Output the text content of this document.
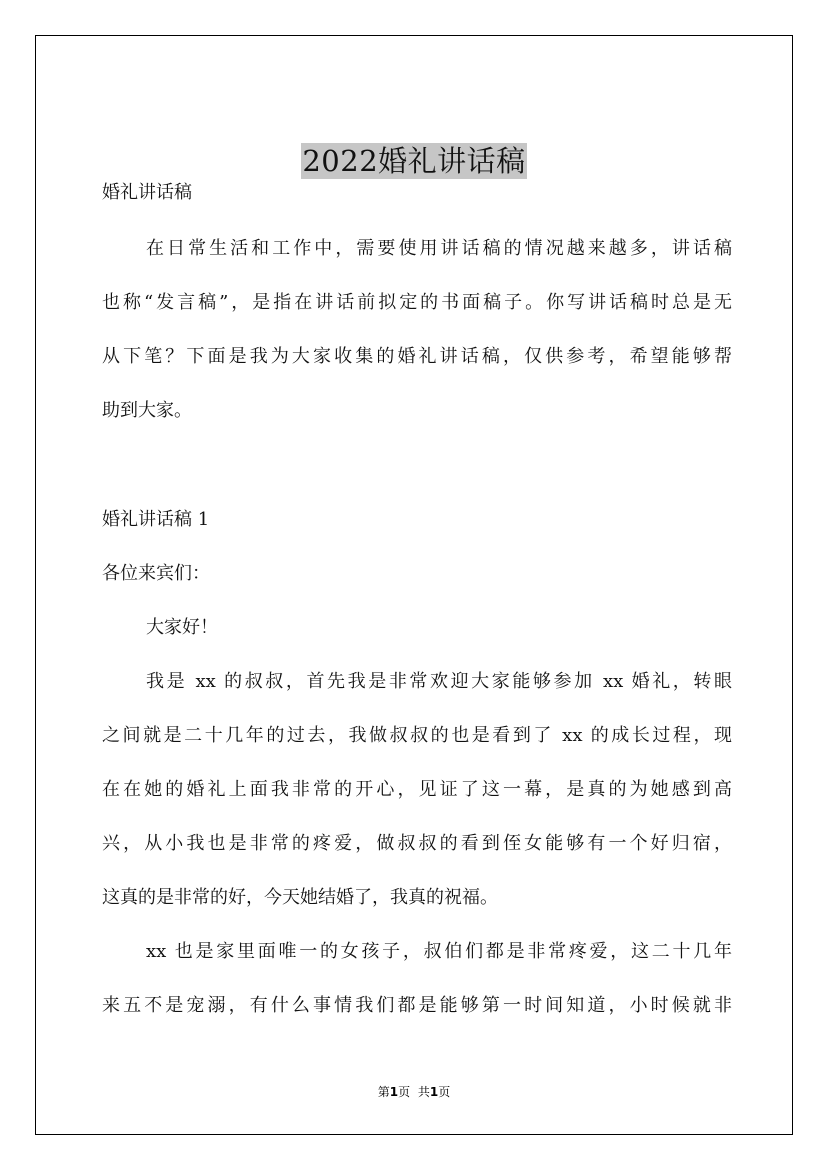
2022婚礼讲话稿
婚礼讲话稿
在日常生活和工作中，需要使用讲话稿的情况越来越多，讲话稿
也称“发言稿”，是指在讲话前拟定的书面稿子。你写讲话稿时总是无
从下笔？下面是我为大家收集的婚礼讲话稿，仅供参考，希望能够帮
助到大家。
婚礼讲话稿 1
各位来宾们：
大家好！
我是 xx 的叔叔，首先我是非常欢迎大家能够参加 xx 婚礼，转眼
之间就是二十几年的过去，我做叔叔的也是看到了 xx 的成长过程，现
在在她的婚礼上面我非常的开心，见证了这一幕，是真的为她感到高
兴，从小我也是非常的疼爱，做叔叔的看到侄女能够有一个好归宿，
这真的是非常的好，今天她结婚了，我真的祝福。
xx 也是家里面唯一的女孩子，叔伯们都是非常疼爱，这二十几年
来五不是宠溺，有什么事情我们都是能够第一时间知道，小时候就非
第1页 共1页
